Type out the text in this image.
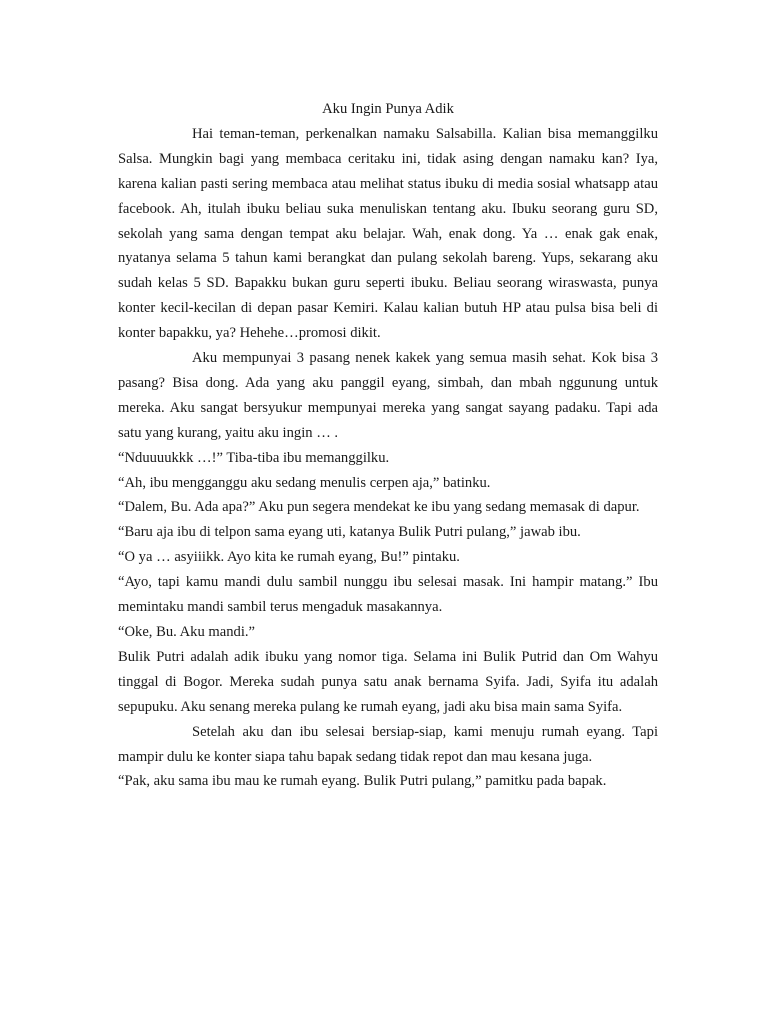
Aku Ingin Punya Adik

Hai teman-teman, perkenalkan namaku Salsabilla. Kalian bisa memanggilku Salsa. Mungkin bagi yang membaca ceritaku ini, tidak asing dengan namaku kan? Iya, karena kalian pasti sering membaca atau melihat status ibuku di media sosial whatsapp atau facebook. Ah, itulah ibuku beliau suka menuliskan tentang aku. Ibuku seorang guru SD, sekolah yang sama dengan tempat aku belajar. Wah, enak dong. Ya … enak gak enak, nyatanya selama 5 tahun kami berangkat dan pulang sekolah bareng. Yups, sekarang aku sudah kelas 5 SD. Bapakku bukan guru seperti ibuku. Beliau seorang wiraswasta, punya konter kecil-kecilan di depan pasar Kemiri. Kalau kalian butuh HP atau pulsa bisa beli di konter bapakku, ya? Hehehe…promosi dikit.

Aku mempunyai 3 pasang nenek kakek yang semua masih sehat. Kok bisa 3 pasang? Bisa dong. Ada yang aku panggil eyang, simbah, dan mbah nggunung untuk mereka. Aku sangat bersyukur mempunyai mereka yang sangat sayang padaku. Tapi ada satu yang kurang, yaitu aku ingin … .

“Nduuuukkk …!” Tiba-tiba ibu memanggilku.

“Ah, ibu mengganggu aku sedang menulis cerpen aja,” batinku.

“Dalem, Bu. Ada apa?” Aku pun segera mendekat ke ibu yang sedang memasak di dapur.

“Baru aja ibu di telpon sama eyang uti, katanya Bulik Putri pulang,” jawab ibu.

“O ya … asyiiikk. Ayo kita ke rumah eyang, Bu!” pintaku.

“Ayo, tapi kamu mandi dulu sambil nunggu ibu selesai masak. Ini hampir matang.” Ibu memintaku mandi sambil terus mengaduk masakannya.

“Oke, Bu. Aku mandi.”

Bulik Putri adalah adik ibuku yang nomor tiga. Selama ini Bulik Putrid dan Om Wahyu tinggal di Bogor. Mereka sudah punya satu anak bernama Syifa. Jadi, Syifa itu adalah sepupuku. Aku senang mereka pulang ke rumah eyang, jadi aku bisa main sama Syifa.

Setelah aku dan ibu selesai bersiap-siap, kami menuju rumah eyang. Tapi mampir dulu ke konter siapa tahu bapak sedang tidak repot dan mau kesana juga.

“Pak, aku sama ibu mau ke rumah eyang. Bulik Putri pulang,” pamitku pada bapak.
